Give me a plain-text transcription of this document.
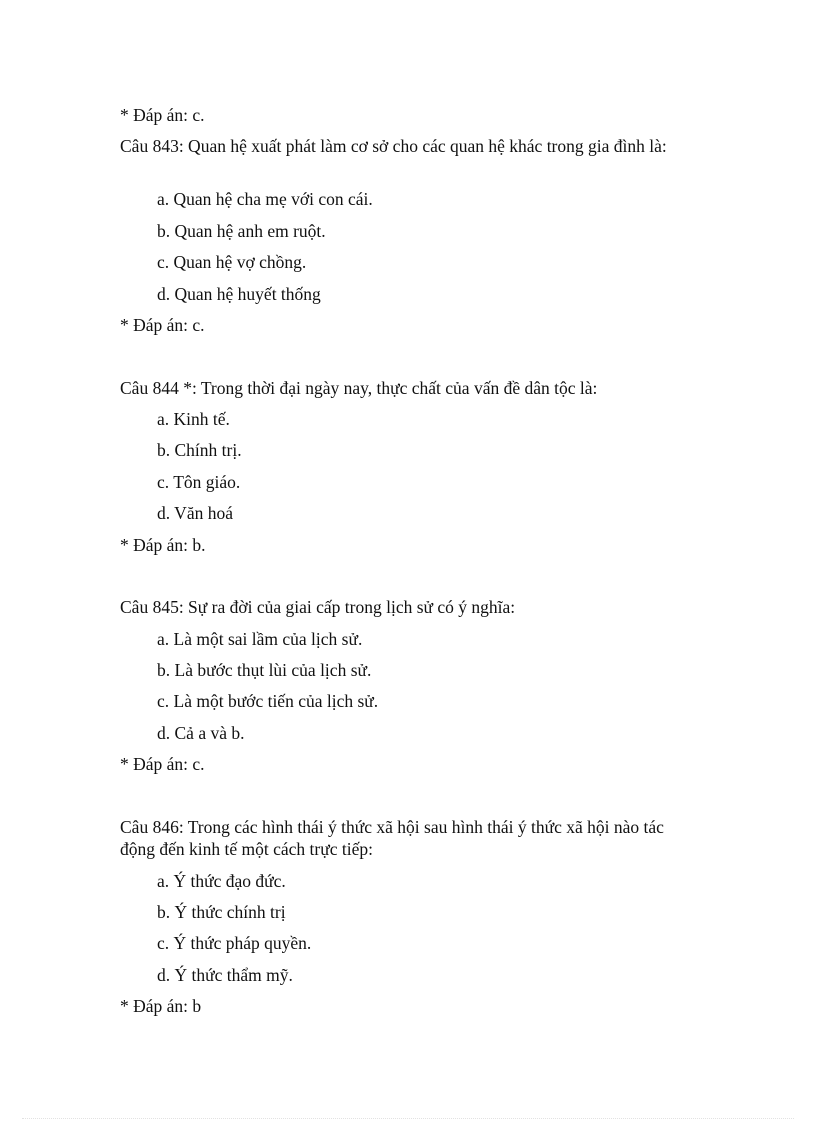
* Đáp án: c.
Câu 843: Quan hệ xuất phát làm cơ sở cho các quan hệ khác trong gia đình là:
a. Quan hệ cha mẹ với con cái.
b. Quan hệ anh em ruột.
c. Quan hệ vợ chồng.
d. Quan hệ huyết thống
* Đáp án: c.
Câu 844 *: Trong thời đại ngày nay, thực chất của vấn đề dân tộc là:
a. Kinh tế.
b. Chính trị.
c. Tôn giáo.
d. Văn hoá
* Đáp án: b.
Câu 845: Sự ra đời của giai cấp trong lịch sử có ý nghĩa:
a. Là một sai lầm của lịch sử.
b. Là bước thụt lùi của lịch sử.
c. Là một bước tiến của lịch sử.
d. Cả a và b.
* Đáp án: c.
Câu 846: Trong các hình thái ý thức xã hội sau hình thái ý thức xã hội nào tác động đến kinh tế một cách trực tiếp:
a. Ý thức đạo đức.
b. Ý thức chính trị
c. Ý thức pháp quyền.
d. Ý thức thẩm mỹ.
* Đáp án: b
